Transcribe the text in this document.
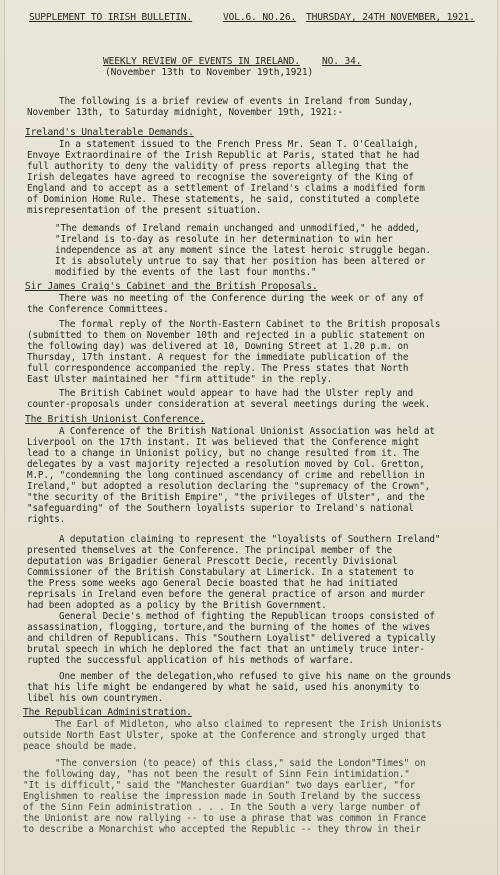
SUPPLEMENT TO IRISH BULLETIN.	VOL.6. NO.26. THURSDAY, 24TH NOVEMBER, 1921.
WEEKLY REVIEW OF EVENTS IN IRELAND. NO. 34.
(November 13th to November 19th,1921)
The following is a brief review of events in Ireland from Sunday,
November 13th, to Saturday midnight, November 19th, 1921:-
Ireland's Unalterable Demands.
In a statement issued to the French Press Mr. Sean T. O'Ceallaigh,
Envoye Extraordinaire of the Irish Republic at Paris, stated that he had
full authority to deny the validity of press reports alleging that the
Irish delegates have agreed to recognise the sovereignty of the King of
England and to accept as a settlement of Ireland's claims a modified form
of Dominion Home Rule. These statements, he said, constituted a complete
misrepresentation of the present situation.
"The demands of Ireland remain unchanged and unmodified," he added,
"Ireland is to-day as resolute in her determination to win her
independence as at any moment since the latest heroic struggle began.
It is absolutely untrue to say that her position has been altered or
modified by the events of the last four months."
Sir James Craig's Cabinet and the British Proposals.
There was no meeting of the Conference during the week or of any of
the Conference Committees.
The formal reply of the North-Eastern Cabinet to the British proposals
(submitted to them on November 10th and rejected in a public statement on
the following day) was delivered at 10, Downing Street at 1.20 p.m. on
Thursday, 17th instant. A request for the immediate publication of the
full correspondence accompanied the reply. The Press states that North
East Ulster maintained her "firm attitude" in the reply.
The British Cabinet would appear to have had the Ulster reply and
counter-proposals under consideration at several meetings during the week.
The British Unionist Conference.
A Conference of the British National Unionist Association was held at
Liverpool on the 17th instant. It was believed that the Conference might
lead to a change in Unionist policy, but no change resulted from it. The
delegates by a vast majority rejected a resolution moved by Col. Gretton,
M.P., "condemning the long continued ascendancy of crime and rebellion in
Ireland," but adopted a resolution declaring the "supremacy of the Crown",
"the security of the British Empire", "the privileges of Ulster", and the
"safeguarding" of the Southern loyalists superior to Ireland's national
rights.
A deputation claiming to represent the "loyalists of Southern Ireland"
presented themselves at the Conference. The principal member of the
deputation was Brigadier General Prescott Decie, recently Divisional
Commissioner of the British Constabulary at Limerick. In a statement to
the Press some weeks ago General Decie boasted that he had initiated
reprisals in Ireland even before the general practice of arson and murder
had been adopted as a policy by the British Government.
General Decie's method of fighting the Republican troops consisted of
assassination, flogging, torture,and the burning of the homes of the wives
and children of Republicans. This "Southern Loyalist" delivered a typically
brutal speech in which he deplored the fact that an untimely truce inter-
rupted the successful application of his methods of warfare.
One member of the delegation,who refused to give his name on the grounds
that his life might be endangered by what he said, used his anonymity to
libel his own countrymen.
The Republican Administration.
The Earl of Midleton, who also claimed to represent the Irish Unionists
outside North East Ulster, spoke at the Conference and strongly urged that
peace should be made.
"The conversion (to peace) of this class," said the London"Times" on
the following day, "has not been the result of Sinn Fein intimidation."
"It is difficult," said the "Manchester Guardian" two days earlier, "for
Englishmen to realise the impression made in South Ireland by the success
of the Sinn Fein administration . . . In the South a very large number of
the Unionist are now rallying -- to use a phrase that was common in France
to describe a Monarchist who accepted the Republic -- they throw in their
